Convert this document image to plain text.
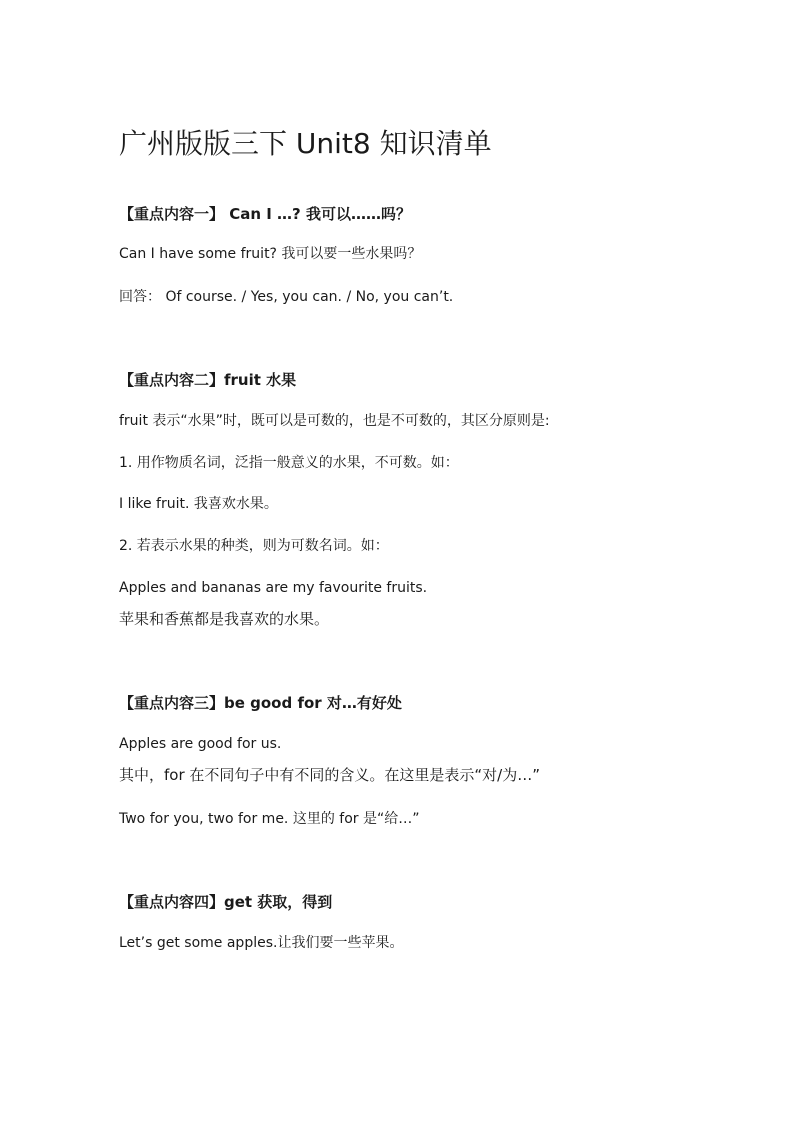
广州版版三下 Unit8 知识清单
【重点内容一】 Can I …? 我可以……吗？

Can I have some fruit? 我可以要一些水果吗？

回答： Of course. / Yes, you can. / No, you can’t.

【重点内容二】fruit 水果

fruit 表示“水果”时，既可以是可数的，也是不可数的，其区分原则是:

1. 用作物质名词，泛指一般意义的水果，不可数。如：

I like fruit. 我喜欢水果。

2. 若表示水果的种类，则为可数名词。如：

Apples and bananas are my favourite fruits.

苹果和香蕉都是我喜欢的水果。

【重点内容三】be good for 对…有好处

Apples are good for us.

其中，for 在不同句子中有不同的含义。在这里是表示“对/为…”

Two for you, two for me. 这里的 for 是“给…”

【重点内容四】get 获取，得到

Let’s get some apples.让我们要一些苹果。
